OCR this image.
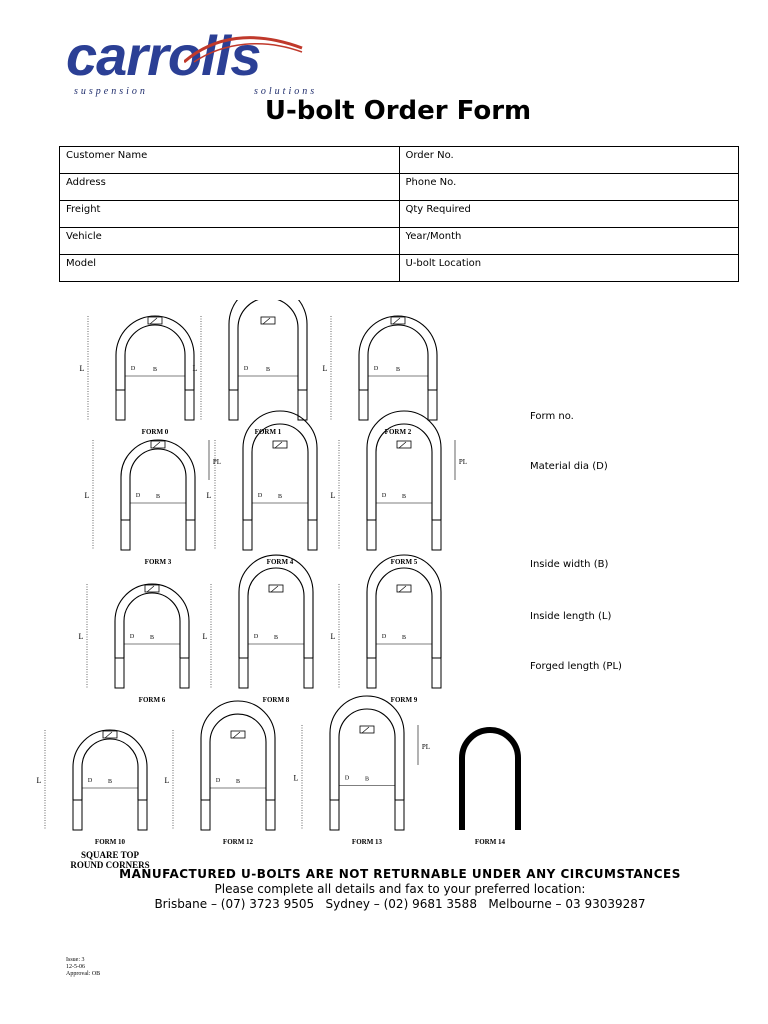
carrolls
suspension	solutions
U-bolt Order Form
Customer Name	Order No.
Address	Phone No.
Freight	Qty Required
Vehicle	Year/Month
Model	U-bolt Location
L	D	B
FORM 0
L	D	B
FORM 1
L	D	B
FORM 2
L	D	B
PL
FORM 3
L	D	B
FORM 4
L	D	B
PL
FORM 5
L	D	B
FORM 6
L	D	B
FORM 8
L	D	B
FORM 9
L	D	B
FORM 10
L	D	B
FORM 12
L	D	B
PL
FORM 13	FORM 14
SQUARE TOP
ROUND CORNERS
Form no.
Material dia (D)
Inside width (B)
Inside length (L)
Forged length (PL)
MANUFACTURED U-BOLTS ARE NOT RETURNABLE UNDER ANY CIRCUMSTANCES
Please complete all details and fax to your preferred location:
Brisbane – (07) 3723 9505   Sydney – (02) 9681 3588   Melbourne – 03 93039287
Issue: 3
12-5-06
Approval: OB
